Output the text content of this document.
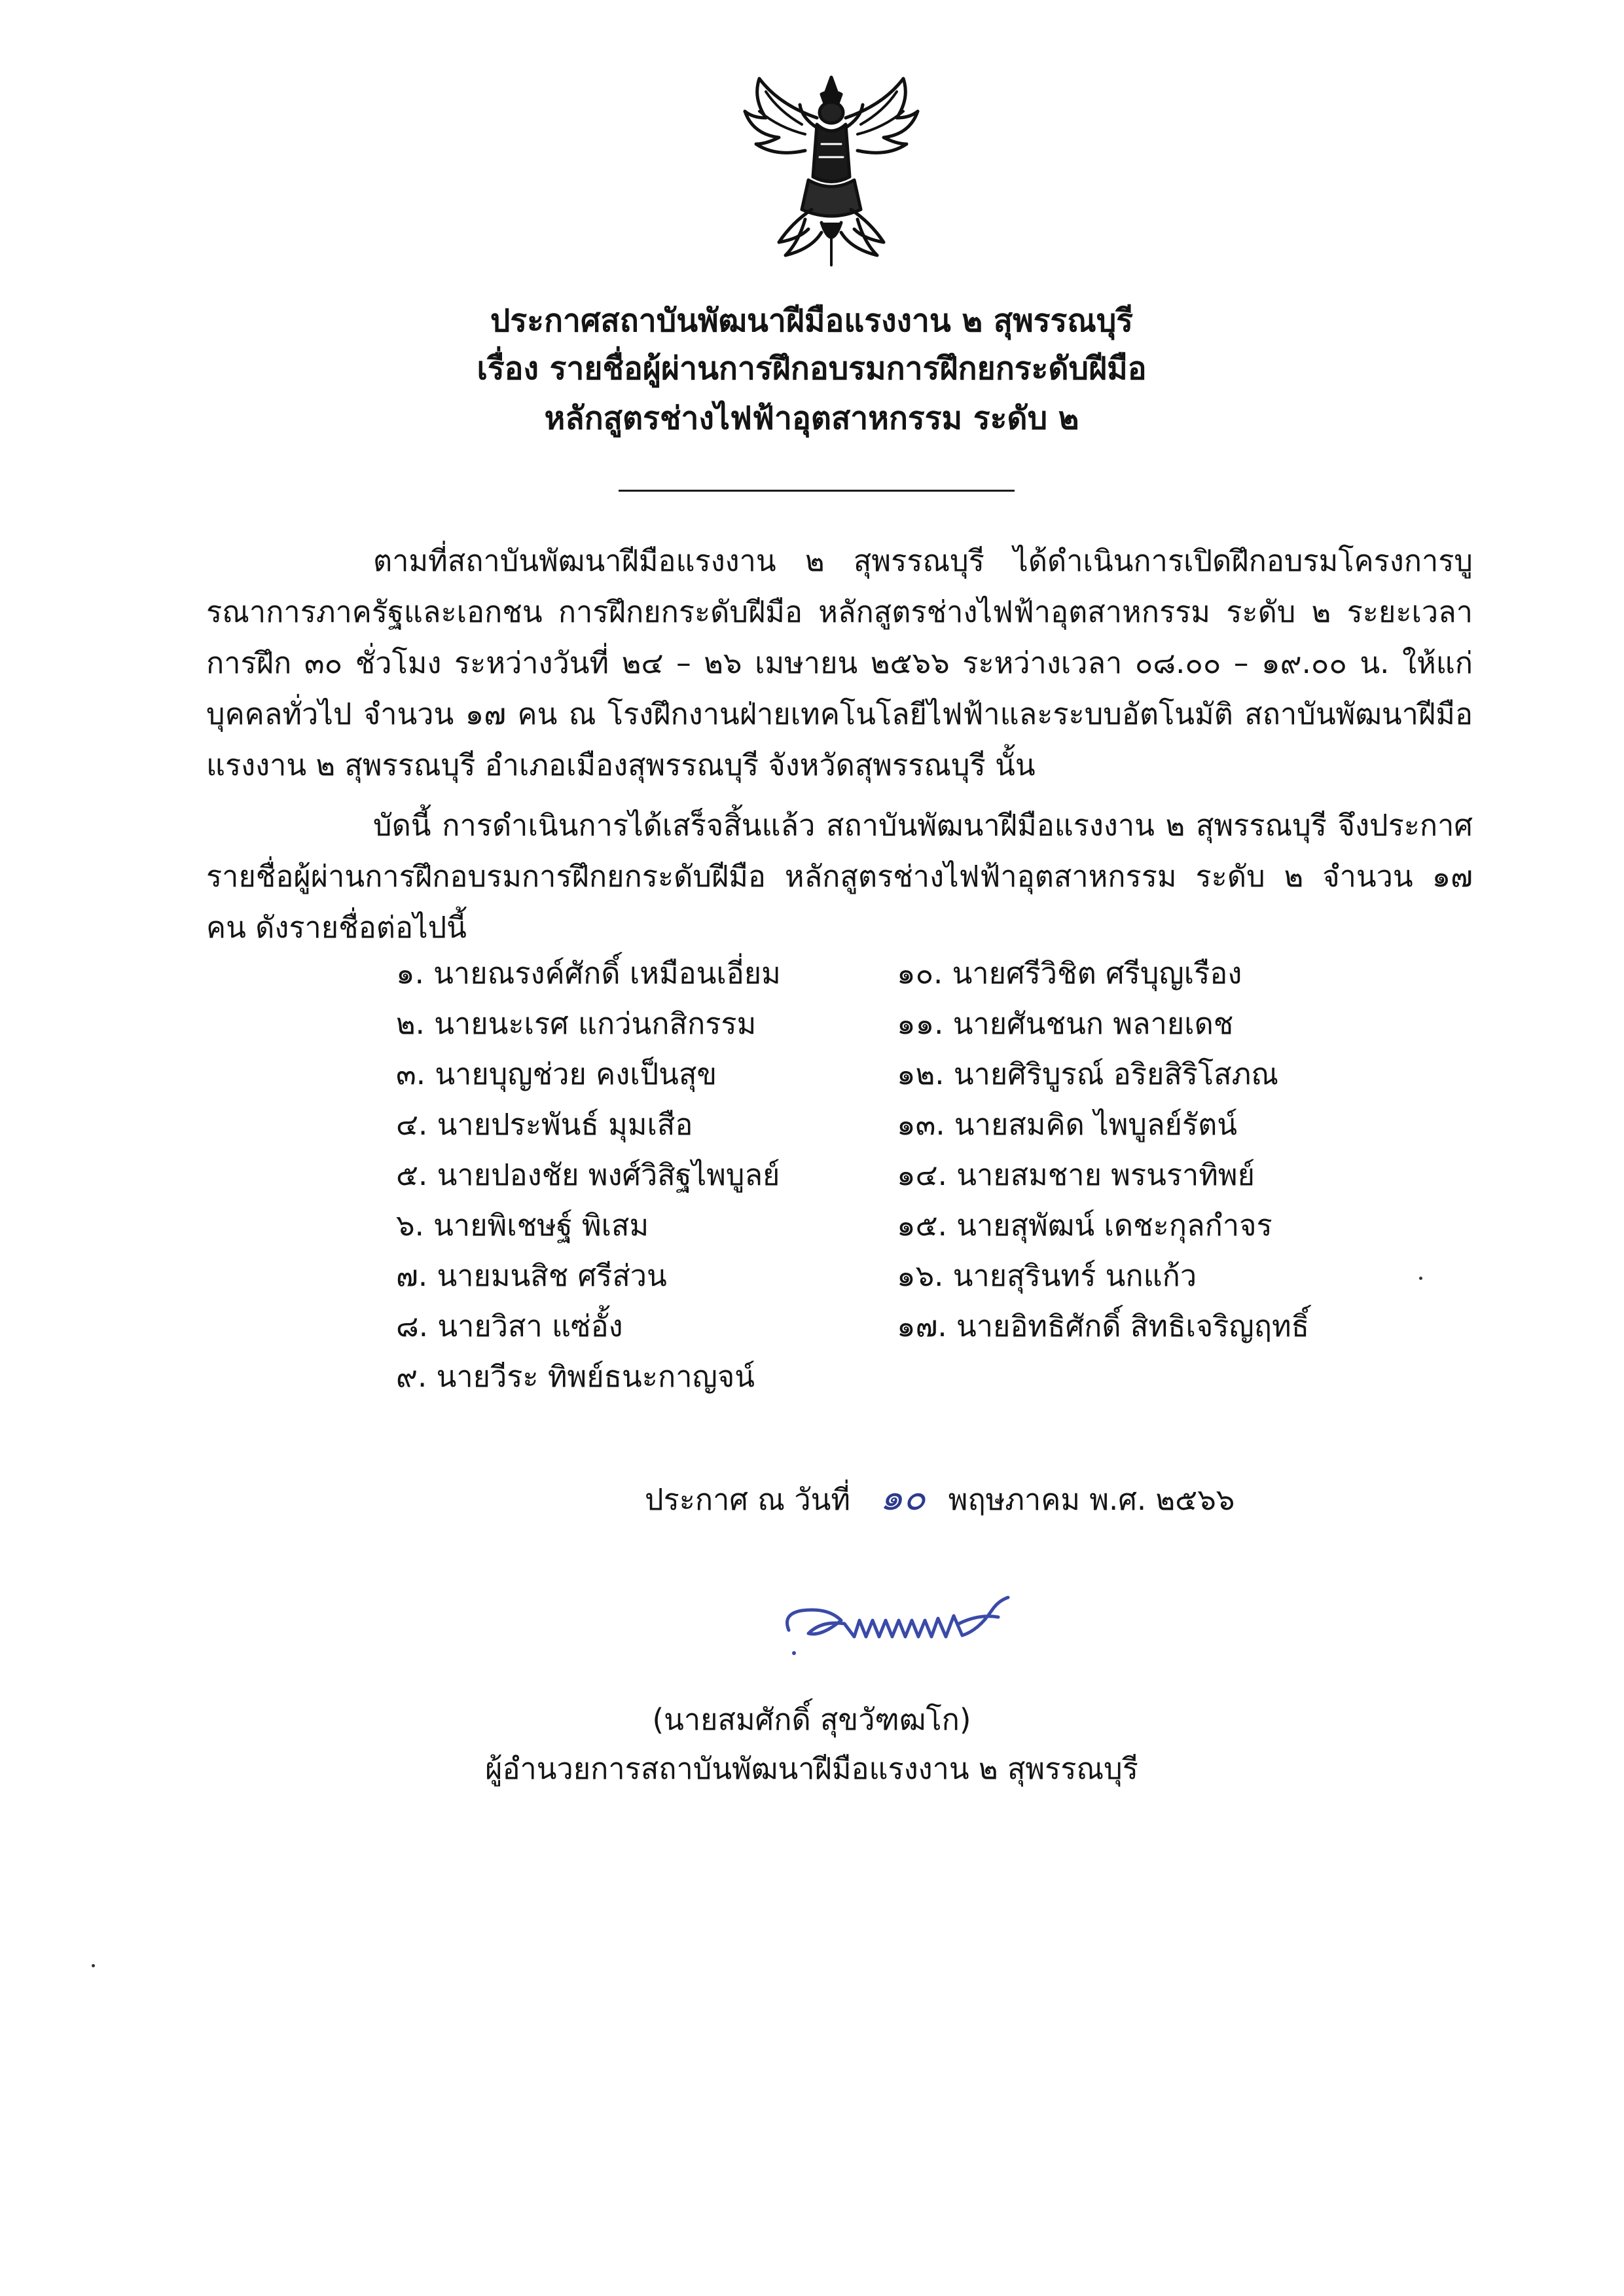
ประกาศสถาบันพัฒนาฝีมือแรงงาน ๒ สุพรรณบุรี
เรื่อง รายชื่อผู้ผ่านการฝึกอบรมการฝึกยกระดับฝีมือ
หลักสูตรช่างไฟฟ้าอุตสาหกรรม ระดับ ๒

ตามที่สถาบันพัฒนาฝีมือแรงงาน ๒ สุพรรณบุรี ได้ดำเนินการเปิดฝึกอบรมโครงการบูรณาการภาครัฐและเอกชน การฝึกยกระดับฝีมือ หลักสูตรช่างไฟฟ้าอุตสาหกรรม ระดับ ๒ ระยะเวลาการฝึก ๓๐ ชั่วโมง ระหว่างวันที่ ๒๔ – ๒๖ เมษายน ๒๕๖๖ ระหว่างเวลา ๐๘.๐๐ – ๑๙.๐๐ น. ให้แก่บุคคลทั่วไป จำนวน ๑๗ คน ณ โรงฝึกงานฝ่ายเทคโนโลยีไฟฟ้าและระบบอัตโนมัติ สถาบันพัฒนาฝีมือแรงงาน ๒ สุพรรณบุรี อำเภอเมืองสุพรรณบุรี จังหวัดสุพรรณบุรี นั้น

บัดนี้ การดำเนินการได้เสร็จสิ้นแล้ว สถาบันพัฒนาฝีมือแรงงาน ๒ สุพรรณบุรี จึงประกาศรายชื่อผู้ผ่านการฝึกอบรมการฝึกยกระดับฝีมือ หลักสูตรช่างไฟฟ้าอุตสาหกรรม ระดับ ๒ จำนวน ๑๗ คน ดังรายชื่อต่อไปนี้

๑. นายณรงค์ศักดิ์ เหมือนเอี่ยม
๒. นายนะเรศ แกว่นกสิกรรม
๓. นายบุญช่วย คงเป็นสุข
๔. นายประพันธ์ มุมเสือ
๕. นายปองชัย พงศ์วิสิฐไพบูลย์
๖. นายพิเชษฐ์ พิเสม
๗. นายมนสิช ศรีส่วน
๘. นายวิสา แซ่อั้ง
๙. นายวีระ ทิพย์ธนะกาญจน์
๑๐. นายศรีวิชิต ศรีบุญเรือง
๑๑. นายศันชนก พลายเดช
๑๒. นายศิริบูรณ์ อริยสิริโสภณ
๑๓. นายสมคิด ไพบูลย์รัตน์
๑๔. นายสมชาย พรนราทิพย์
๑๕. นายสุพัฒน์ เดชะกุลกำจร
๑๖. นายสุรินทร์ นกแก้ว
๑๗. นายอิทธิศักดิ์ สิทธิเจริญฤทธิ์
ประกาศ ณ วันที่ ๑๐ พฤษภาคม พ.ศ. ๒๕๖๖
(นายสมศักดิ์ สุขวัฑฒโก)
ผู้อำนวยการสถาบันพัฒนาฝีมือแรงงาน ๒ สุพรรณบุรี
